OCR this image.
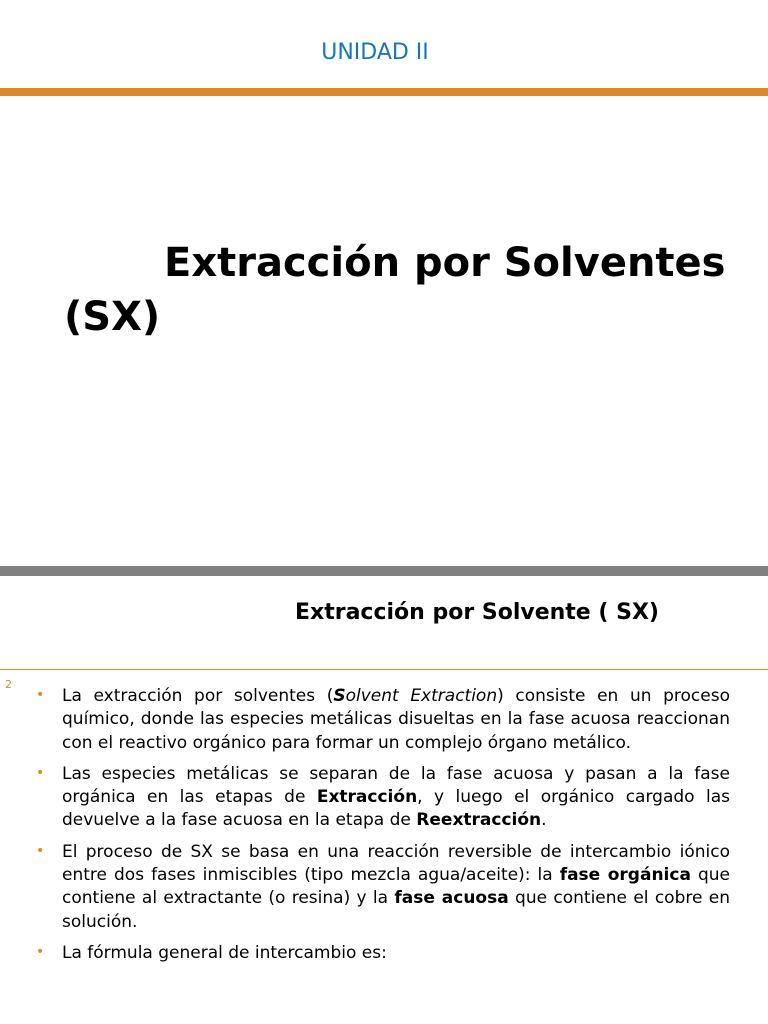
UNIDAD II
Extracción por Solventes (SX)
Extracción por Solvente ( SX)
2
• La extracción por solventes (Solvent Extraction) consiste en un proceso químico, donde las especies metálicas disueltas en la fase acuosa reaccionan con el reactivo orgánico para formar un complejo órgano metálico.
• Las especies metálicas se separan de la fase acuosa y pasan a la fase orgánica en las etapas de Extracción, y luego el orgánico cargado las devuelve a la fase acuosa en la etapa de Reextracción.
• El proceso de SX se basa en una reacción reversible de intercambio iónico entre dos fases inmiscibles (tipo mezcla agua/aceite): la fase orgánica que contiene al extractante (o resina) y la fase acuosa que contiene el cobre en solución.
• La fórmula general de intercambio es:
